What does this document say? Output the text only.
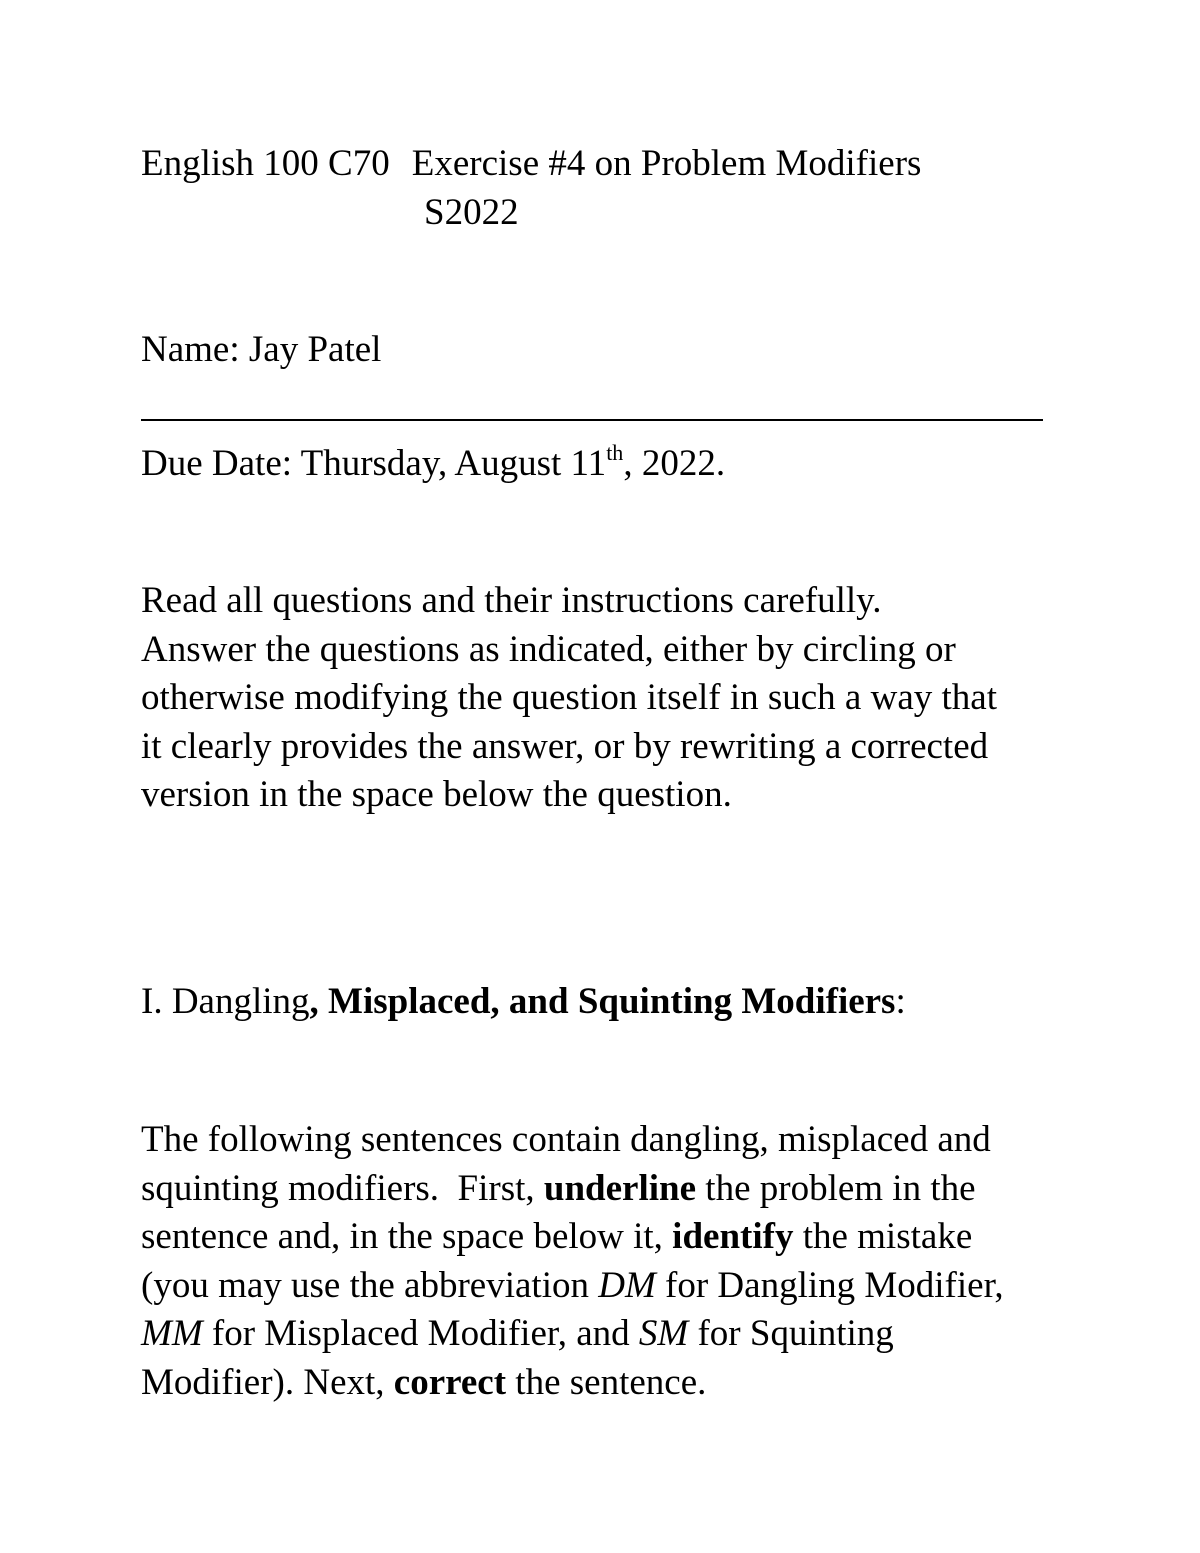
English 100 C70 Exercise #4 on Problem Modifiers
S2022
Name: Jay Patel
Due Date: Thursday, August 11th, 2022.
Read all questions and their instructions carefully.
Answer the questions as indicated, either by circling or
otherwise modifying the question itself in such a way that
it clearly provides the answer, or by rewriting a corrected
version in the space below the question.
I. Dangling, Misplaced, and Squinting Modifiers:
The following sentences contain dangling, misplaced and
squinting modifiers.  First, underline the problem in the
sentence and, in the space below it, identify the mistake
(you may use the abbreviation DM for Dangling Modifier,
MM for Misplaced Modifier, and SM for Squinting
Modifier). Next, correct the sentence.
